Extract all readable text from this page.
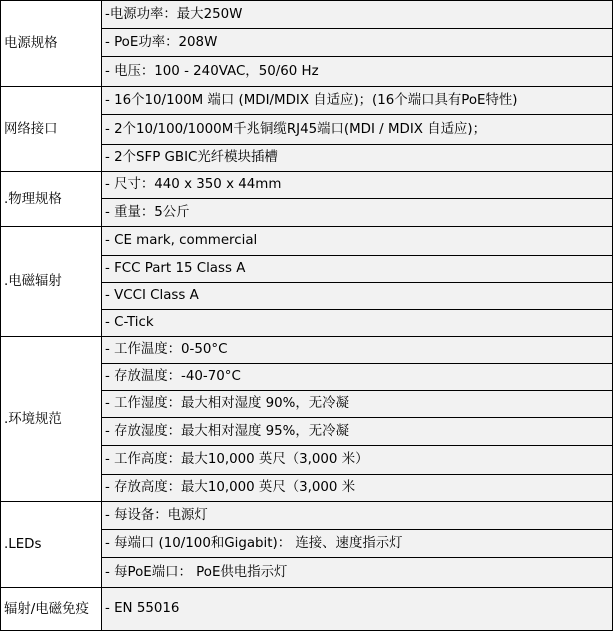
电源规格	-电源功率：最大250W
	- PoE功率：208W
	- 电压：100 - 240VAC，50/60 Hz
网络接口	- 16个10/100M 端口 (MDI/MDIX 自适应)；(16个端口具有PoE特性)
	- 2个10/100/1000M千兆铜缆RJ45端口(MDI / MDIX 自适应)；
	- 2个SFP GBIC光纤模块插槽
.物理规格	- 尺寸：440 x 350 x 44mm
	- 重量：5公斤
.电磁辐射	- CE mark, commercial
	- FCC Part 15 Class A
	- VCCI Class A
	- C-Tick
.环境规范	- 工作温度：0-50°C
	- 存放温度：-40-70°C
	- 工作湿度：最大相对湿度 90%，无冷凝
	- 存放湿度：最大相对湿度 95%，无冷凝
	- 工作高度：最大10,000 英尺（3,000 米）
	- 存放高度：最大10,000 英尺（3,000 米
.LEDs	- 每设备：电源灯
	- 每端口 (10/100和Gigabit)： 连接、速度指示灯
	- 每PoE端口： PoE供电指示灯
辐射/电磁免疫	- EN 55016
